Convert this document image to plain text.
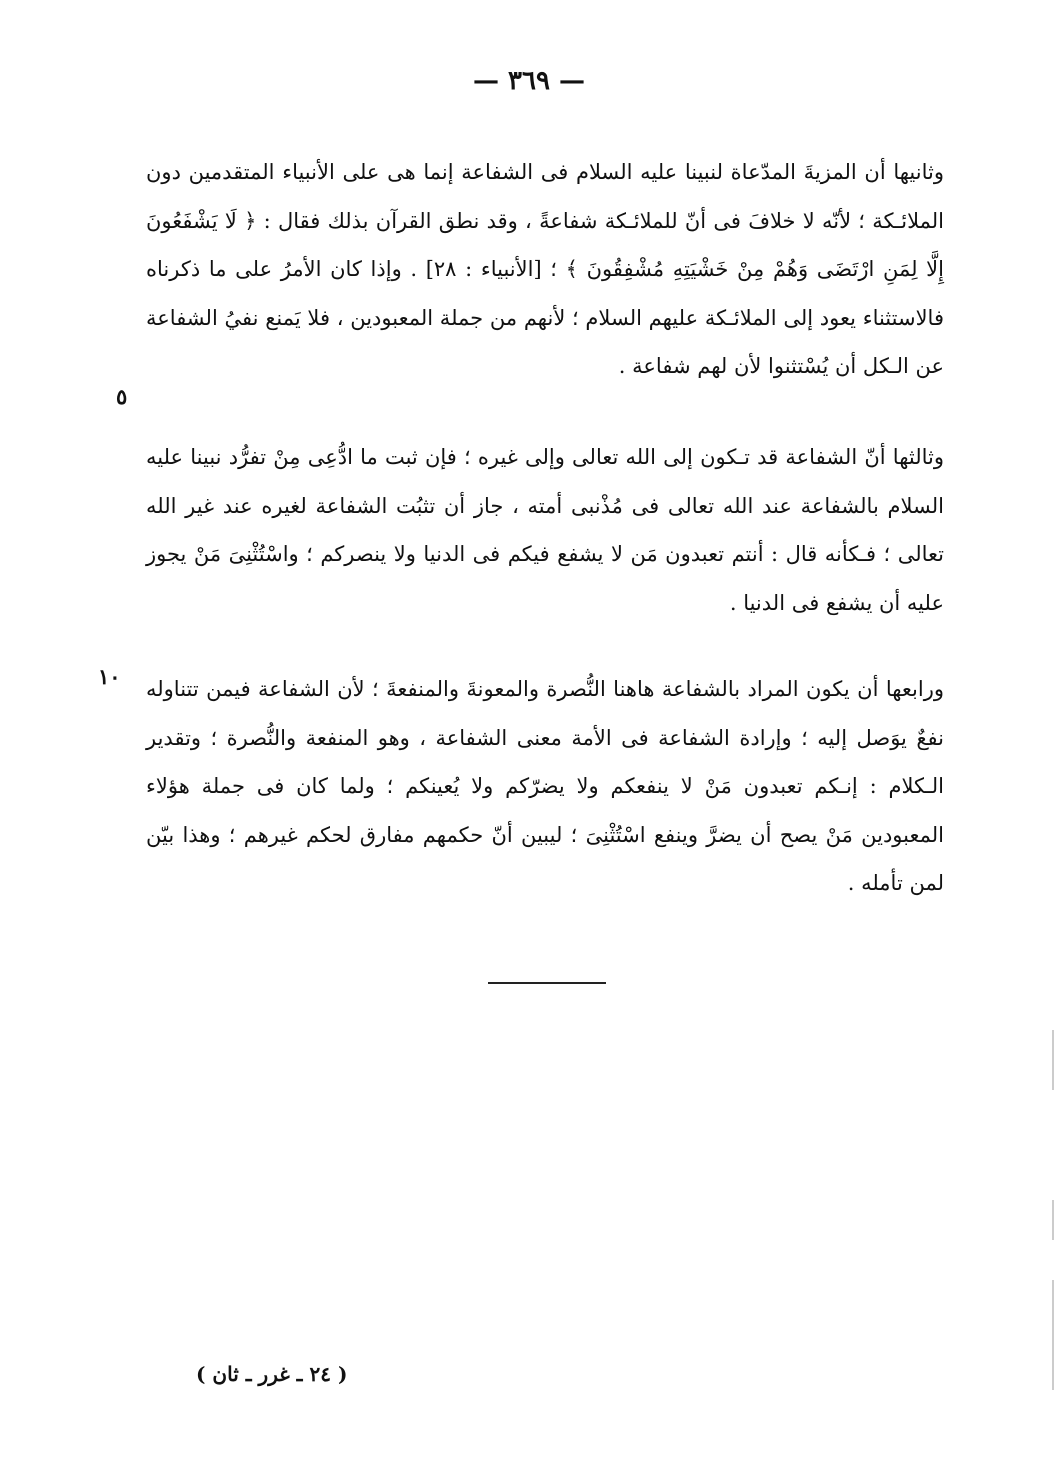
— ٣٦٩ —
وثانيها أن المزيةَ المدّعاة لنبينا عليه السلام فى الشفاعة إنما هى على الأنبياء المتقدمين دون الملائـكة ؛ لأنّه لا خلافَ فى أنّ للملائـكة شفاعةً ، وقد نطق القرآن بذلك فقال : ﴿ لَا يَشْفَعُونَ إِلَّا لِمَنِ ارْتَضَى وَهُمْ مِنْ خَشْيَتِهِ مُشْفِقُونَ ﴾ ؛ [الأنبياء : ٢٨] . وإذا كان الأمرُ على ما ذكرناه فالاستثناء يعود إلى الملائـكة عليهم السلام ؛ لأنهم من جملة المعبودين ، فلا يَمنع نفيُ الشفاعة عن الـكل أن يُسْتثنوا لأن لهم شفاعة .
٥
وثالثها أنّ الشفاعة قد تـكون إلى الله تعالى وإلى غيره ؛ فإن ثبت ما ادُّعِى مِنْ تفرُّد نبينا عليه السلام بالشفاعة عند الله تعالى فى مُذْنبى أمته ، جاز أن تثبُت الشفاعة لغيره عند غير الله تعالى ؛ فـكأنه قال : أنتم تعبدون مَن لا يشفع فيكم فى الدنيا ولا ينصركم ؛ واسْتُثْنِىَ مَنْ يجوز عليه أن يشفع فى الدنيا .
ورابعها أن يكون المراد بالشفاعة هاهنا النُّصرة والمعونةَ والمنفعةَ ؛ لأن الشفاعة فيمن تتناوله نفعٌ يوَصل إليه ؛ وإرادة الشفاعة فى الأمة معنى الشفاعة ، وهو المنفعة والنُّصرة ؛ وتقدير الـكلام : إنـكم تعبدون مَنْ لا ينفعكم ولا يضرّكم ولا يُعينكم ؛ ولما كان فى جملة هؤلاء المعبودين مَنْ يصح أن يضرَّ وينفع اسْتُثْنِىَ ؛ ليبين أنّ حكمهم مفارق لحكم غيرهم ؛ وهذا بيّن لمن تأمله .
١٠
( ٢٤ ـ غرر ـ ثان )
